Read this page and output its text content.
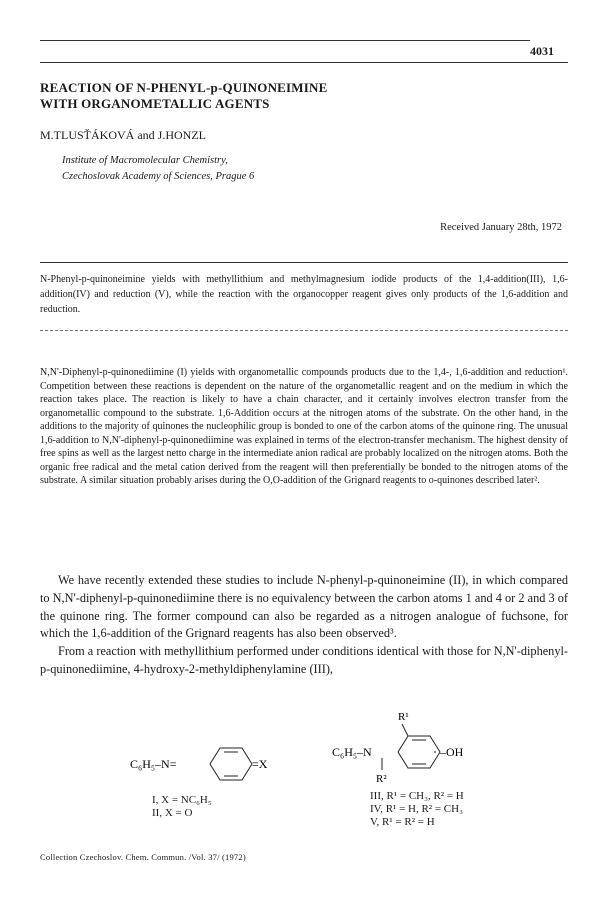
4031
REACTION OF N-PHENYL-p-QUINONEIMINE
WITH ORGANOMETALLIC AGENTS
M.TLUSŤÁKOVÁ and J.HONZL
Institute of Macromolecular Chemistry,
Czechoslovak Academy of Sciences, Prague 6
Received January 28th, 1972
N-Phenyl-p-quinoneimine yields with methyllithium and methylmagnesium iodide products of the 1,4-addition(III), 1,6-addition(IV) and reduction (V), while the reaction with the organocopper reagent gives only products of the 1,6-addition and reduction.
N,N'-Diphenyl-p-quinonediimine (I) yields with organometallic compounds products due to the 1,4-, 1,6-addition and reduction¹. Competition between these reactions is dependent on the nature of the organometallic reagent and on the medium in which the reaction takes place. The reaction is likely to have a chain character, and it certainly involves electron transfer from the organometallic compound to the substrate. 1,6-Addition occurs at the nitrogen atoms of the substrate. On the other hand, in the additions to the majority of quinones the nucleophilic group is bonded to one of the carbon atoms of the quinone ring. The unusual 1,6-addition to N,N'-diphenyl-p-quinonediimine was explained in terms of the electron-transfer mechanism. The highest density of free spins as well as the largest netto charge in the intermediate anion radical are probably localized on the nitrogen atoms. Both the organic free radical and the metal cation derived from the reagent will then preferentially be bonded to the nitrogen atoms of the substrate. A similar situation probably arises during the O,O-addition of the Grignard reagents to o-quinones described later².

We have recently extended these studies to include N-phenyl-p-quinoneimine (II), in which compared to N,N'-diphenyl-p-quinonediimine there is no equivalency between the carbon atoms 1 and 4 or 2 and 3 of the quinone ring. The former compound can also be regarded as a nitrogen analogue of fuchsone, for which the 1,6-addition of the Grignard reagents has also been observed³.

From a reaction with methyllithium performed under conditions identical with those for N,N'-diphenyl-p-quinonediimine, 4-hydroxy-2-methyldiphenylamine (III),

C₆H₅–N=	=X
I, X = NC₆H₅
II, X = O
R¹
C₆H₅–N	–OH
R²
III, R¹ = CH₃, R² = H
IV, R¹ = H, R² = CH₃
V, R¹ = R² = H
Collection Czechoslov. Chem. Commun. /Vol. 37/ (1972)
